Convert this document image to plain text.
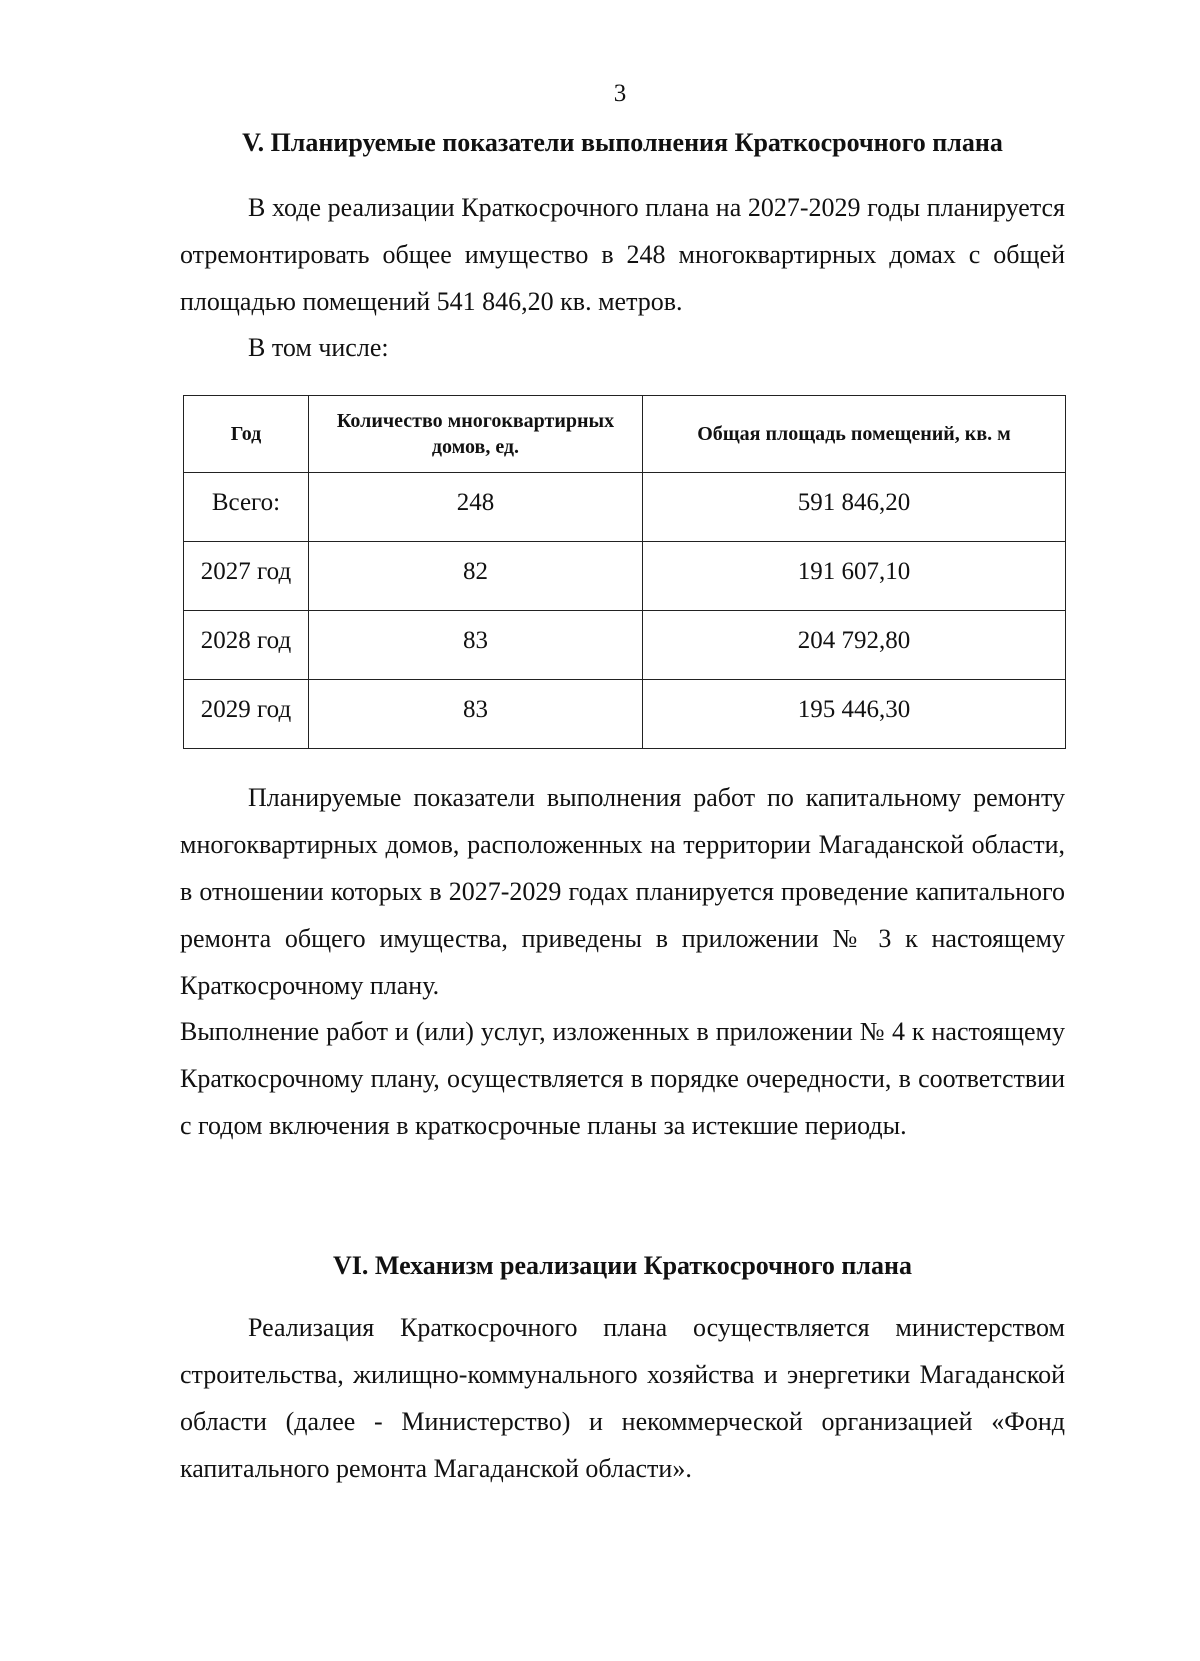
3
V. Планируемые показатели выполнения Краткосрочного плана

В ходе реализации Краткосрочного плана на 2027-2029 годы планируется отремонтировать общее имущество в 248 многоквартирных домах с общей площадью помещений 541 846,20 кв. метров.

В том числе:
Год	Количество многоквартирных домов, ед.	Общая площадь помещений, кв. м
Всего:	248	591 846,20
2027 год	82	191 607,10
2028 год	83	204 792,80
2029 год	83	195 446,30

Планируемые показатели выполнения работ по капитальному ремонту многоквартирных домов, расположенных на территории Магаданской области, в отношении которых в 2027-2029 годах планируется проведение капитального ремонта общего имущества, приведены в приложении № 3 к настоящему Краткосрочному плану.

Выполнение работ и (или) услуг, изложенных в приложении № 4 к настоящему Краткосрочному плану, осуществляется в порядке очередности, в соответствии с годом включения в краткосрочные планы за истекшие периоды.

VI. Механизм реализации Краткосрочного плана

Реализация Краткосрочного плана осуществляется министерством строительства, жилищно-коммунального хозяйства и энергетики Магаданской области (далее - Министерство) и некоммерческой организацией «Фонд капитального ремонта Магаданской области».
